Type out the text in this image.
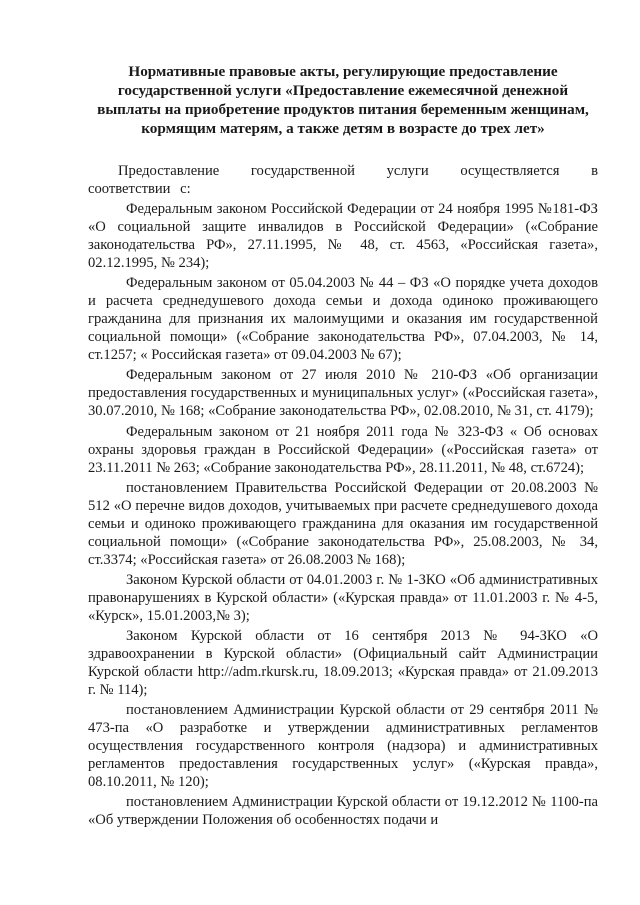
Нормативные правовые акты, регулирующие предоставление государственной услуги «Предоставление ежемесячной денежной выплаты на приобретение продуктов питания беременным женщинам, кормящим матерям, а также детям в возрасте до трех лет»

Предоставление государственной услуги осуществляется в соответствии с:

Федеральным законом Российской Федерации от 24 ноября 1995 №181-ФЗ «О социальной защите инвалидов в Российской Федерации» («Собрание законодательства РФ», 27.11.1995, № 48, ст. 4563, «Российская газета», 02.12.1995, № 234);

Федеральным законом от 05.04.2003 № 44 – ФЗ «О порядке учета доходов и расчета среднедушевого дохода семьи и дохода одиноко проживающего гражданина для признания их малоимущими и оказания им государственной социальной помощи» («Собрание законодательства РФ», 07.04.2003, № 14, ст.1257; « Российская газета» от 09.04.2003 № 67);

Федеральным законом от 27 июля 2010 № 210-ФЗ «Об организации предоставления государственных и муниципальных услуг» («Российская газета», 30.07.2010, № 168; «Собрание законодательства РФ», 02.08.2010, № 31, ст. 4179);

Федеральным законом от 21 ноября 2011 года № 323-ФЗ « Об основах охраны здоровья граждан в Российской Федерации» («Российская газета» от 23.11.2011 № 263; «Собрание законодательства РФ», 28.11.2011, № 48, ст.6724);

постановлением Правительства Российской Федерации от 20.08.2003 № 512 «О перечне видов доходов, учитываемых при расчете среднедушевого дохода семьи и одиноко проживающего гражданина для оказания им государственной социальной помощи» («Собрание законодательства РФ», 25.08.2003, № 34, ст.3374; «Российская газета» от 26.08.2003 № 168);

Законом Курской области от 04.01.2003 г. № 1-ЗКО «Об административных правонарушениях в Курской области» («Курская правда» от 11.01.2003 г. № 4-5, «Курск», 15.01.2003,№ 3);

Законом Курской области от 16 сентября 2013 № 94-ЗКО «О здравоохранении в Курской области» (Официальный сайт Администрации Курской области http://adm.rkursk.ru, 18.09.2013; «Курская правда» от 21.09.2013 г. № 114);

постановлением Администрации Курской области от 29 сентября 2011 № 473-па «О разработке и утверждении административных регламентов осуществления государственного контроля (надзора) и административных регламентов предоставления государственных услуг» («Курская правда», 08.10.2011, № 120);

постановлением Администрации Курской области от 19.12.2012 № 1100-па «Об утверждении Положения об особенностях подачи и
